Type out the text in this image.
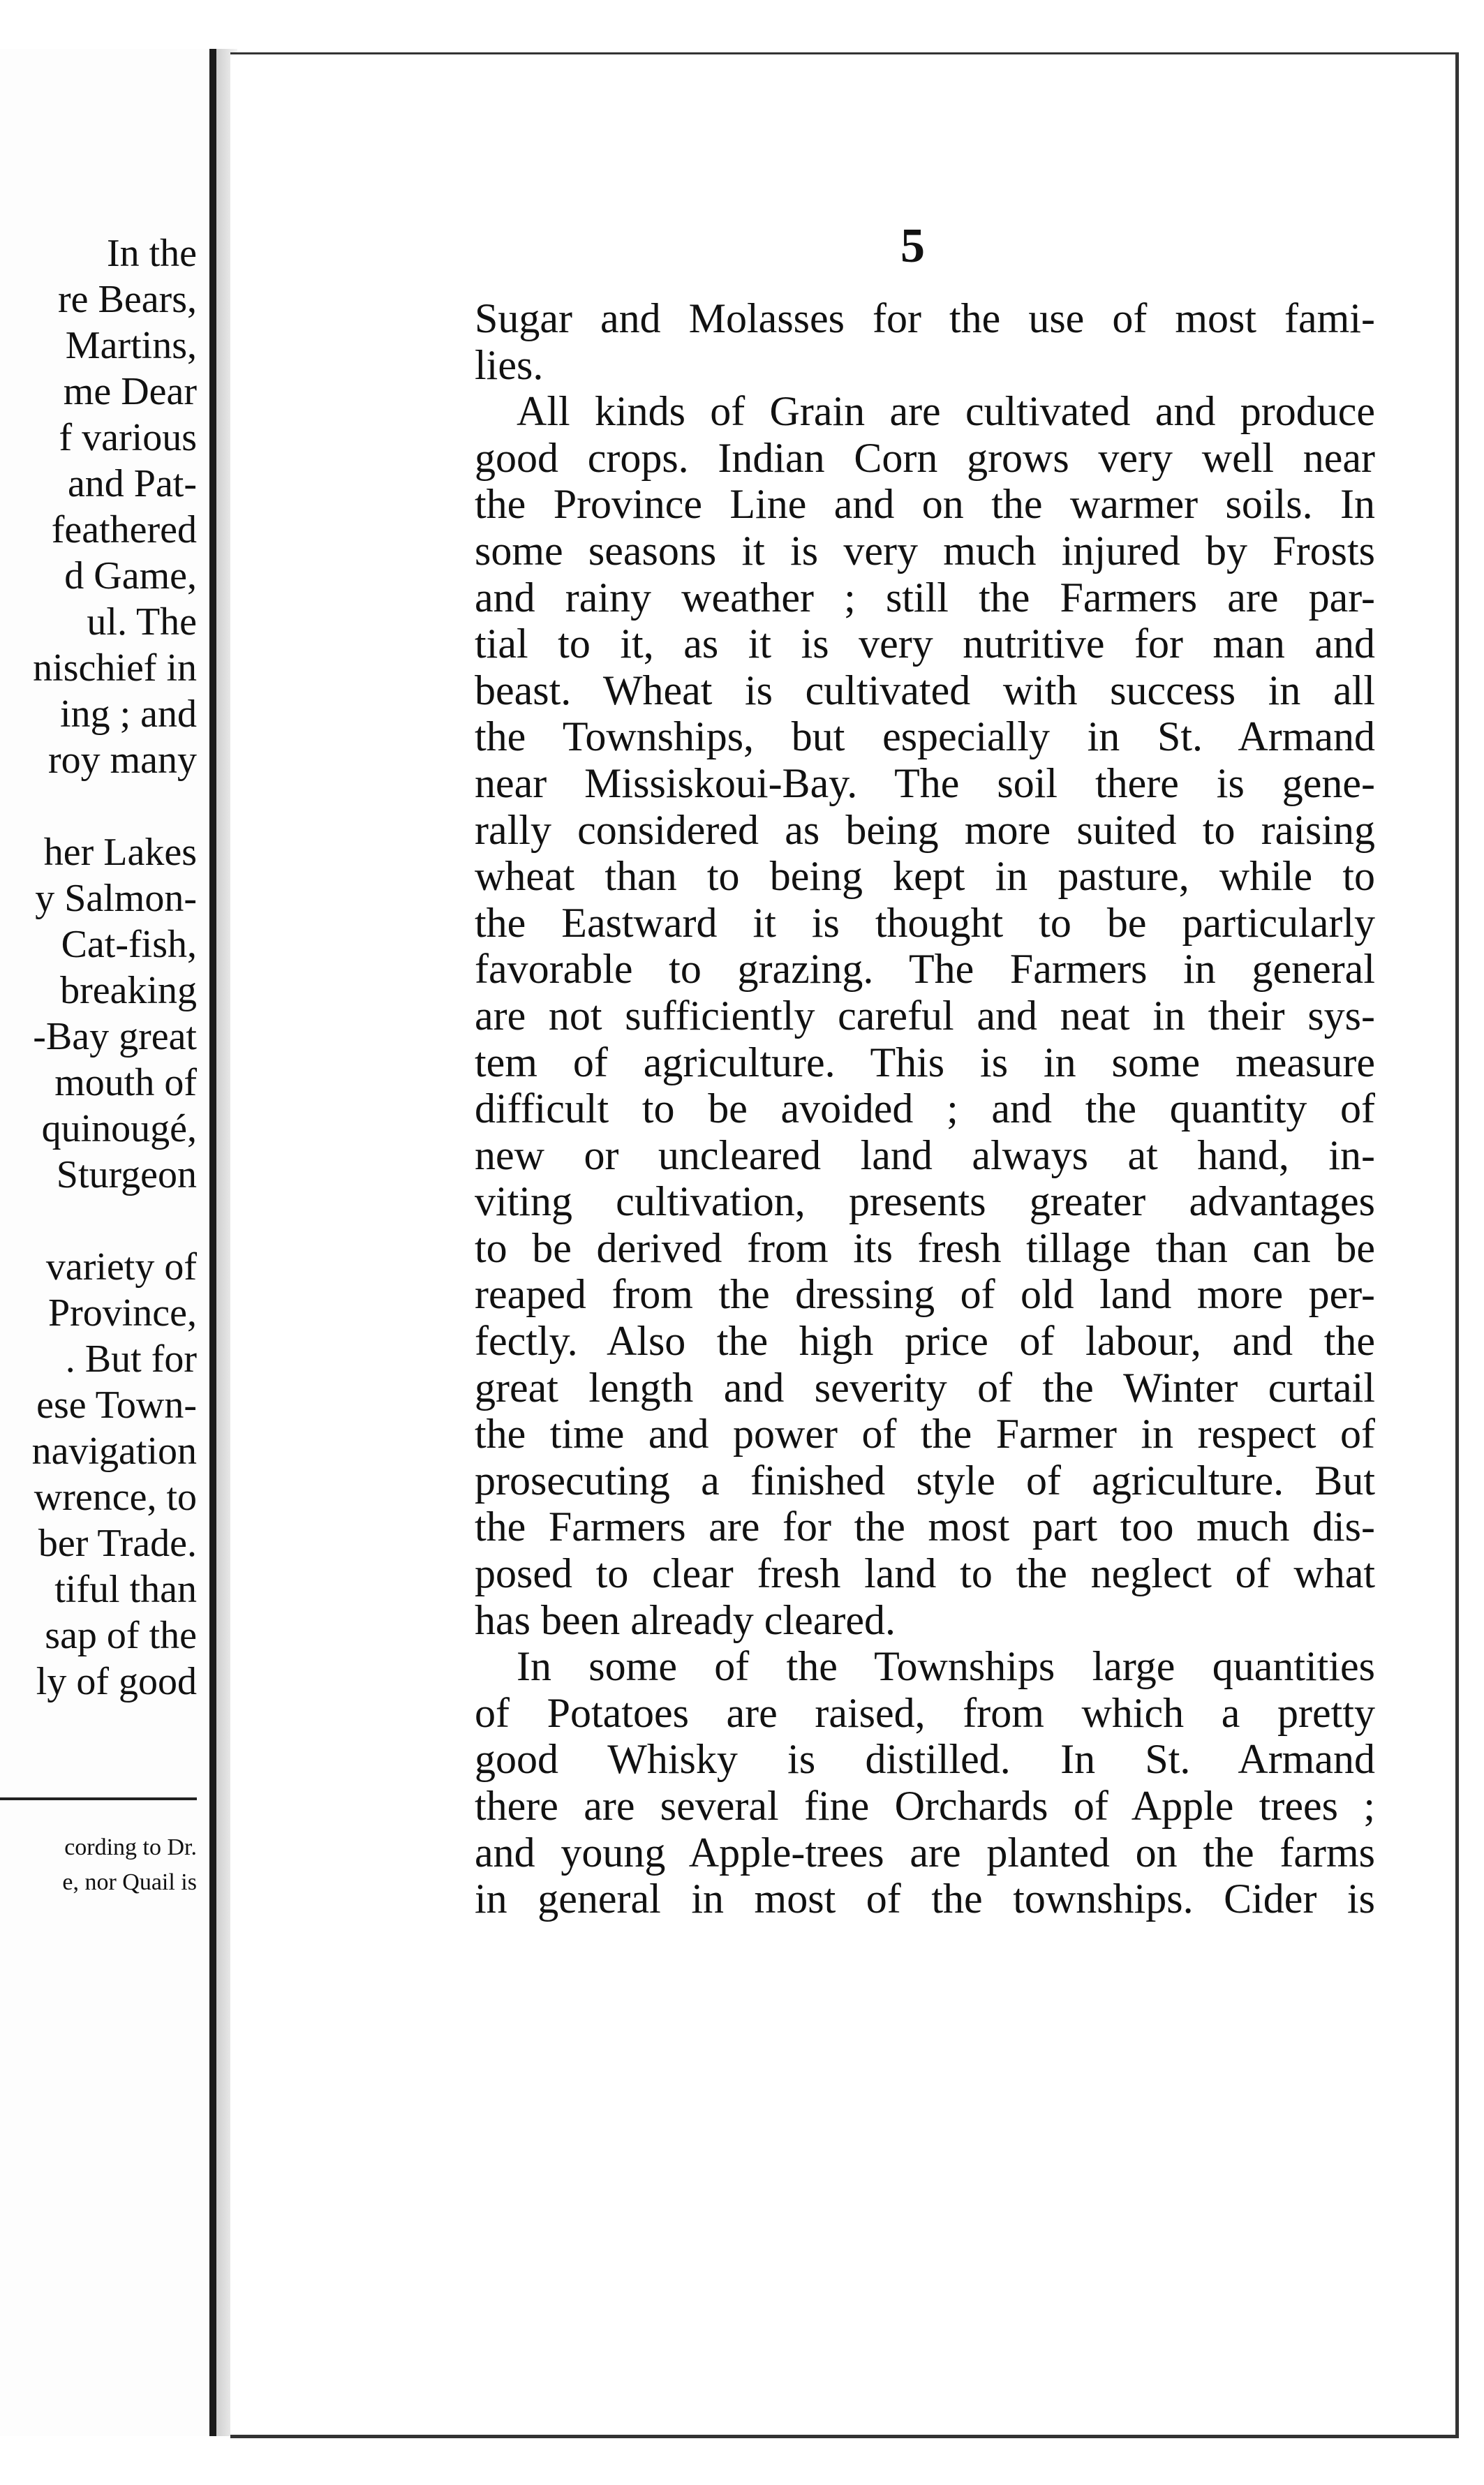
In the
re Bears,
Martins,
me Dear
f various
and Pat-
feathered
d Game,
ul. The
nischief in
ing ; and
roy many
her Lakes
y Salmon-
Cat-fish,
breaking
-Bay great
mouth of
quinougé,
Sturgeon
variety of
Province,
. But for
ese Town-
navigation
wrence, to
ber Trade.
tiful than
sap of the
ly of good
cording to Dr.
e, nor Quail is
5
Sugar and Molasses for the use of most fami-
lies.
All kinds of Grain are cultivated and produce
good crops. Indian Corn grows very well near
the Province Line and on the warmer soils. In
some seasons it is very much injured by Frosts
and rainy weather ; still the Farmers are par-
tial to it, as it is very nutritive for man and
beast. Wheat is cultivated with success in all
the Townships, but especially in St. Armand
near Missiskoui-Bay. The soil there is gene-
rally considered as being more suited to raising
wheat than to being kept in pasture, while to
the Eastward it is thought to be particularly
favorable to grazing. The Farmers in general
are not sufficiently careful and neat in their sys-
tem of agriculture. This is in some measure
difficult to be avoided ; and the quantity of
new or uncleared land always at hand, in-
viting cultivation, presents greater advantages
to be derived from its fresh tillage than can be
reaped from the dressing of old land more per-
fectly. Also the high price of labour, and the
great length and severity of the Winter curtail
the time and power of the Farmer in respect of
prosecuting a finished style of agriculture. But
the Farmers are for the most part too much dis-
posed to clear fresh land to the neglect of what
has been already cleared.
In some of the Townships large quantities
of Potatoes are raised, from which a pretty
good Whisky is distilled. In St. Armand
there are several fine Orchards of Apple trees ;
and young Apple-trees are planted on the farms
in general in most of the townships. Cider is
